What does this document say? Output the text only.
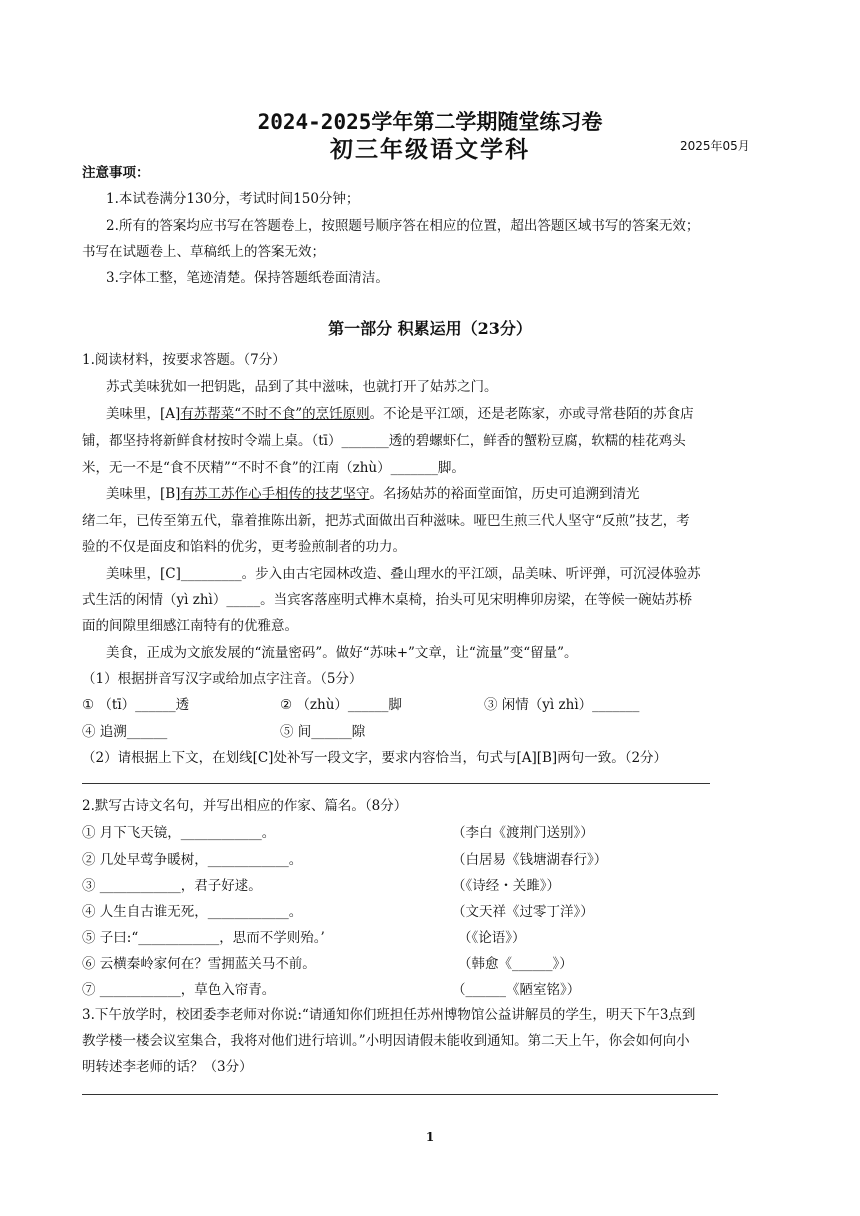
2024-2025学年第二学期随堂练习卷
初三年级语文学科	2025年05月
注意事项：
1.本试卷满分130分，考试时间150分钟；
2.所有的答案均应书写在答题卷上，按照题号顺序答在相应的位置，超出答题区域书写的答案无效；
书写在试题卷上、草稿纸上的答案无效；
3.字体工整，笔迹清楚。保持答题纸卷面清洁。
第一部分 积累运用（23分）
1.阅读材料，按要求答题。（7分）
苏式美味犹如一把钥匙，品到了其中滋味，也就打开了姑苏之门。
美味里，[A]有苏帮菜“不时不食”的烹饪原则。不论是平江颂，还是老陈家，亦或寻常巷陌的苏食店
铺，都坚持将新鲜食材按时令端上桌。（tī）_______透的碧螺虾仁，鲜香的蟹粉豆腐，软糯的桂花鸡头
米，无一不是“食不厌精”“不时不食”的江南（zhù）_______脚。
美味里，[B]有苏工苏作心手相传的技艺坚守。名扬姑苏的裕面堂面馆，历史可追溯到清光
绪二年，已传至第五代，靠着推陈出新，把苏式面做出百种滋味。哑巴生煎三代人坚守“反煎”技艺，考
验的不仅是面皮和馅料的优劣，更考验煎制者的功力。
美味里，[C]_________。步入由古宅园林改造、叠山理水的平江颂，品美味、听评弹，可沉浸体验苏
式生活的闲情（yì zhì）_____。当宾客落座明式榫木桌椅，抬头可见宋明榫卯房梁，在等候一碗姑苏桥
面的间隙里细感江南特有的优雅意。
美食，正成为文旅发展的“流量密码”。做好“苏味+”文章，让“流量”变“留量”。
（1）根据拼音写汉字或给加点字注音。（5分）
① （tī）______透	② （zhù）______脚	③ 闲情（yì zhì）_______
④ 追溯______	⑤ 间______隙
（2）请根据上下文，在划线[C]处补写一段文字，要求内容恰当，句式与[A][B]两句一致。（2分）
2.默写古诗文名句，并写出相应的作家、篇名。（8分）
① 月下飞天镜，____________。	（李白《渡荆门送别》）
② 几处早莺争暖树，____________。	（白居易《钱塘湖春行》）
③ ____________，君子好逑。	（《诗经・关雎》）
④ 人生自古谁无死，____________。	（文天祥《过零丁洋》）
⑤ 子曰:“____________，思而不学则殆。’	（《论语》）
⑥ 云横秦岭家何在？雪拥蓝关马不前。	（韩愈《______》）
⑦ ____________，草色入帘青。	（______《陋室铭》）
3.下午放学时，校团委李老师对你说:“请通知你们班担任苏州博物馆公益讲解员的学生，明天下午3点到
教学楼一楼会议室集合，我将对他们进行培训。”小明因请假未能收到通知。第二天上午，你会如何向小
明转述李老师的话？（3分）
1
